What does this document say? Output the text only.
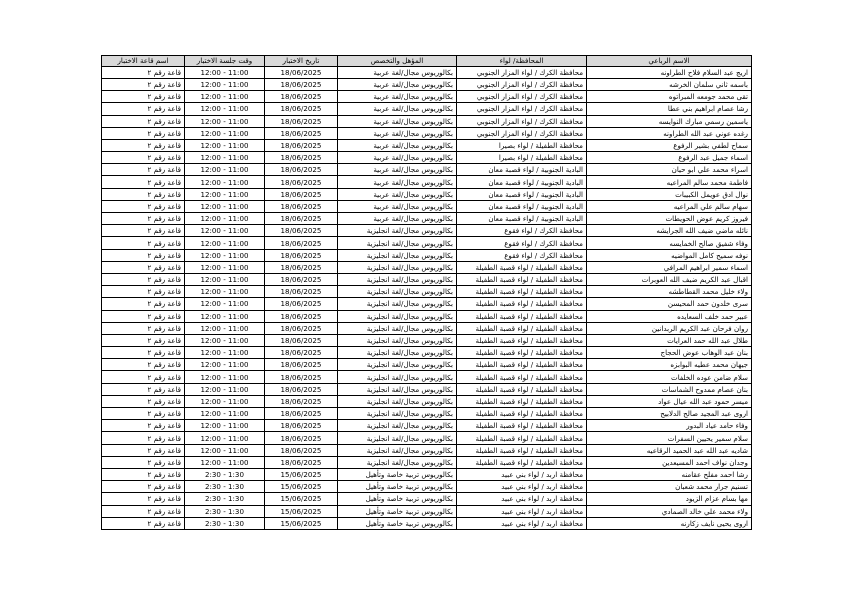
الاسم الرباعي	المحافظة/ لواء	المؤهل والتخصص	تاريخ الاختبار	وقت جلسة الاختبار	اسم قاعة الاختبار
اريج عبد السلام فلاح الطراونه	محافظة الكرك / لواء المزار الجنوبي	بكالوريوس مجال/لغة عربية	18/06/2025	11:00 - 12:00	قاعة رقم ٢
باسمه ثاني سلمان الخرشه	محافظة الكرك / لواء المزار الجنوبي	بكالوريوس مجال/لغة عربية	18/06/2025	11:00 - 12:00	قاعة رقم ٢
تقى محمد جومعه المبراتوه	محافظة الكرك / لواء المزار الجنوبي	بكالوريوس مجال/لغة عربية	18/06/2025	11:00 - 12:00	قاعة رقم ٢
رشا عصام ابراهيم بني عطا	محافظة الكرك / لواء المزار الجنوبي	بكالوريوس مجال/لغة عربية	18/06/2025	11:00 - 12:00	قاعة رقم ٢
ياسمين رسمي مبارك النوايسه	محافظة الكرك / لواء المزار الجنوبي	بكالوريوس مجال/لغة عربية	18/06/2025	11:00 - 12:00	قاعة رقم ٢
رغده عوني عبد الله الطراونه	محافظة الكرك / لواء المزار الجنوبي	بكالوريوس مجال/لغة عربية	18/06/2025	11:00 - 12:00	قاعة رقم ٢
سماح لطفي بشير الرفوع	محافظة الطفيلة / لواء بصيرا	بكالوريوس مجال/لغة عربية	18/06/2025	11:00 - 12:00	قاعة رقم ٢
اسماء جميل عبد الرفوع	محافظة الطفيلة / لواء بصيرا	بكالوريوس مجال/لغة عربية	18/06/2025	11:00 - 12:00	قاعة رقم ٢
اسراء محمد علي ابو حيان	البادية الجنوبية / لواء قصبة معان	بكالوريوس مجال/لغة عربية	18/06/2025	11:00 - 12:00	قاعة رقم ٢
فاطمة محمد سالم المراعيه	البادية الجنوبية / لواء قصبة معان	بكالوريوس مجال/لغة عربية	18/06/2025	11:00 - 12:00	قاعة رقم ٢
نوال ادق عويمل الكبيبات	البادية الجنوبية / لواء قصبة معان	بكالوريوس مجال/لغة عربية	18/06/2025	11:00 - 12:00	قاعة رقم ٢
سهام سالم علي المراعيه	البادية الجنوبية / لواء قصبة معان	بكالوريوس مجال/لغة عربية	18/06/2025	11:00 - 12:00	قاعة رقم ٢
فيروز كريم عوض الحويطات	البادية الجنوبية / لواء قصبة معان	بكالوريوس مجال/لغة عربية	18/06/2025	11:00 - 12:00	قاعة رقم ٢
نائله ماضي ضيف الله الجرايشه	محافظة الكرك / لواء فقوع	بكالوريوس مجال/لغة انجليزية	18/06/2025	11:00 - 12:00	قاعة رقم ٢
وفاء شفيق صالح الخمايسه	محافظة الكرك / لواء فقوع	بكالوريوس مجال/لغة انجليزية	18/06/2025	11:00 - 12:00	قاعة رقم ٢
نوفه سميح كامل المواضيه	محافظة الكرك / لواء فقوع	بكالوريوس مجال/لغة انجليزية	18/06/2025	11:00 - 12:00	قاعة رقم ٢
اسماء سمير ابراهيم المرافي	محافظة الطفيلة / لواء قصبة الطفيلة	بكالوريوس مجال/لغة انجليزية	18/06/2025	11:00 - 12:00	قاعة رقم ٢
اقبال عبد الكريم ضيف الله العوبرات	محافظة الطفيلة / لواء قصبة الطفيلة	بكالوريوس مجال/لغة انجليزية	18/06/2025	11:00 - 12:00	قاعة رقم ٢
ولاء خليل محمد القطاطشه	محافظة الطفيلة / لواء قصبة الطفيلة	بكالوريوس مجال/لغة انجليزية	18/06/2025	11:00 - 12:00	قاعة رقم ٢
سرى خلدون حمد المحيسن	محافظة الطفيلة / لواء قصبة الطفيلة	بكالوريوس مجال/لغة انجليزية	18/06/2025	11:00 - 12:00	قاعة رقم ٢
عبير حمد خلف السعايده	محافظة الطفيلة / لواء قصبة الطفيلة	بكالوريوس مجال/لغة انجليزية	18/06/2025	11:00 - 12:00	قاعة رقم ٢
روان فرحان عبد الكريم الربدانين	محافظة الطفيلة / لواء قصبة الطفيلة	بكالوريوس مجال/لغة انجليزية	18/06/2025	11:00 - 12:00	قاعة رقم ٢
طلال عبد الله حمد العرايات	محافظة الطفيلة / لواء قصبة الطفيلة	بكالوريوس مجال/لغة انجليزية	18/06/2025	11:00 - 12:00	قاعة رقم ٢
بنان عبد الوهاب عوض الحجاج	محافظة الطفيلة / لواء قصبة الطفيلة	بكالوريوس مجال/لغة انجليزية	18/06/2025	11:00 - 12:00	قاعة رقم ٢
جيهان محمد عطيه البوابزه	محافظة الطفيلة / لواء قصبة الطفيلة	بكالوريوس مجال/لغة انجليزية	18/06/2025	11:00 - 12:00	قاعة رقم ٢
سلام ضامن عوده الخلفات	محافظة الطفيلة / لواء قصبة الطفيلة	بكالوريوس مجال/لغة انجليزية	18/06/2025	11:00 - 12:00	قاعة رقم ٢
بنان عصام ممدوح الشماسات	محافظة الطفيلة / لواء قصبة الطفيلة	بكالوريوس مجال/لغة انجليزية	18/06/2025	11:00 - 12:00	قاعة رقم ٢
ميسر حمود عبد الله عيال عواد	محافظة الطفيلة / لواء قصبة الطفيلة	بكالوريوس مجال/لغة انجليزية	18/06/2025	11:00 - 12:00	قاعة رقم ٢
اروى عبد المجيد صالح الدلابيح	محافظة الطفيلة / لواء قصبة الطفيلة	بكالوريوس مجال/لغة انجليزية	18/06/2025	11:00 - 12:00	قاعة رقم ٢
وفاء حامد عياد البدور	محافظة الطفيلة / لواء قصبة الطفيلة	بكالوريوس مجال/لغة انجليزية	18/06/2025	11:00 - 12:00	قاعة رقم ٢
سلام سمير يحيين السفرات	محافظة الطفيلة / لواء قصبة الطفيلة	بكالوريوس مجال/لغة انجليزية	18/06/2025	11:00 - 12:00	قاعة رقم ٢
شاديه عبد الله عبد الحميد الرقاعيه	محافظة الطفيلة / لواء قصبة الطفيلة	بكالوريوس مجال/لغة انجليزية	18/06/2025	11:00 - 12:00	قاعة رقم ٢
وجدان نواف احمد المسيعدين	محافظة الطفيلة / لواء قصبة الطفيلة	بكالوريوس مجال/لغة انجليزية	18/06/2025	11:00 - 12:00	قاعة رقم ٢
رشا احمد مفلح عقامنه	محافظة اربد / لواء بني عبيد	بكالوريوس تربية خاصة وتأهيل	15/06/2025	1:30 - 2:30	قاعة رقم ٢
تسنيم جرار محمد شعبان	محافظة اربد / لواء بني عبيد	بكالوريوس تربية خاصة وتأهيل	15/06/2025	1:30 - 2:30	قاعة رقم ٢
مها بسام عزام الزيود	محافظة اربد / لواء بني عبيد	بكالوريوس تربية خاصة وتأهيل	15/06/2025	1:30 - 2:30	قاعة رقم ٢
ولاء محمد علي خالد الصمادي	محافظة اربد / لواء بني عبيد	بكالوريوس تربية خاصة وتأهيل	15/06/2025	1:30 - 2:30	قاعة رقم ٢
اروى يحيى نايف زكارنه	محافظة اربد / لواء بني عبيد	بكالوريوس تربية خاصة وتأهيل	15/06/2025	1:30 - 2:30	قاعة رقم ٢
